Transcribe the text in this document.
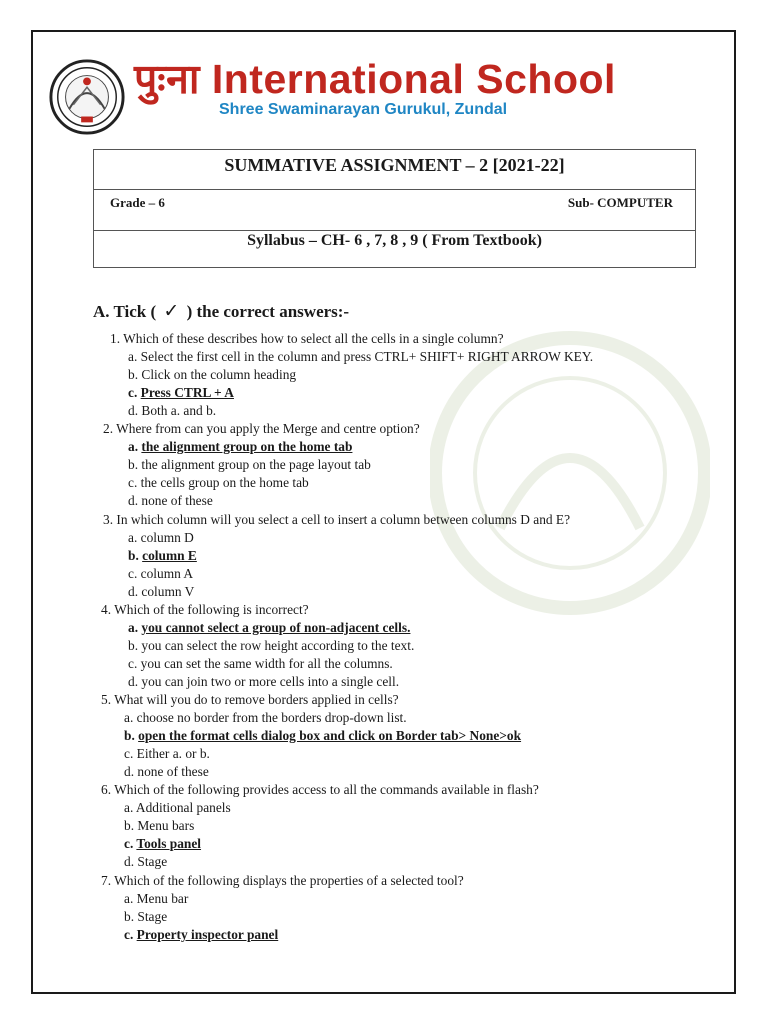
पुःना International School
Shree Swaminarayan Gurukul, Zundal
SUMMATIVE ASSIGNMENT – 2 [2021-22]
Grade – 6	Sub- COMPUTER
Syllabus – CH- 6 , 7, 8 , 9 ( From Textbook)
A. Tick ( ✓ ) the correct answers:-
1. Which of these describes how to select all the cells in a single column?
a. Select the first cell in the column and press CTRL+ SHIFT+ RIGHT ARROW KEY.
b. Click on the column heading
c. Press CTRL + A
d. Both a. and b.
2. Where from can you apply the Merge and centre option?
a. the alignment group on the home tab
b. the alignment group on the page layout tab
c. the cells group on the home tab
d. none of these
3. In which column will you select a cell to insert a column between columns D and E?
a. column D
b. column E
c. column A
d. column V
4. Which of the following is incorrect?
a. you cannot select a group of non-adjacent cells.
b. you can select the row height according to the text.
c. you can set the same width for all the columns.
d. you can join two or more cells into a single cell.
5. What will you do to remove borders applied in cells?
a. choose no border from the borders drop-down list.
b. open the format cells dialog box and click on Border tab> None>ok
c. Either a. or b.
d. none of these
6. Which of the following provides access to all the commands available in flash?
a. Additional panels
b. Menu bars
c. Tools panel
d. Stage
7. Which of the following displays the properties of a selected tool?
a. Menu bar
b. Stage
c. Property inspector panel
